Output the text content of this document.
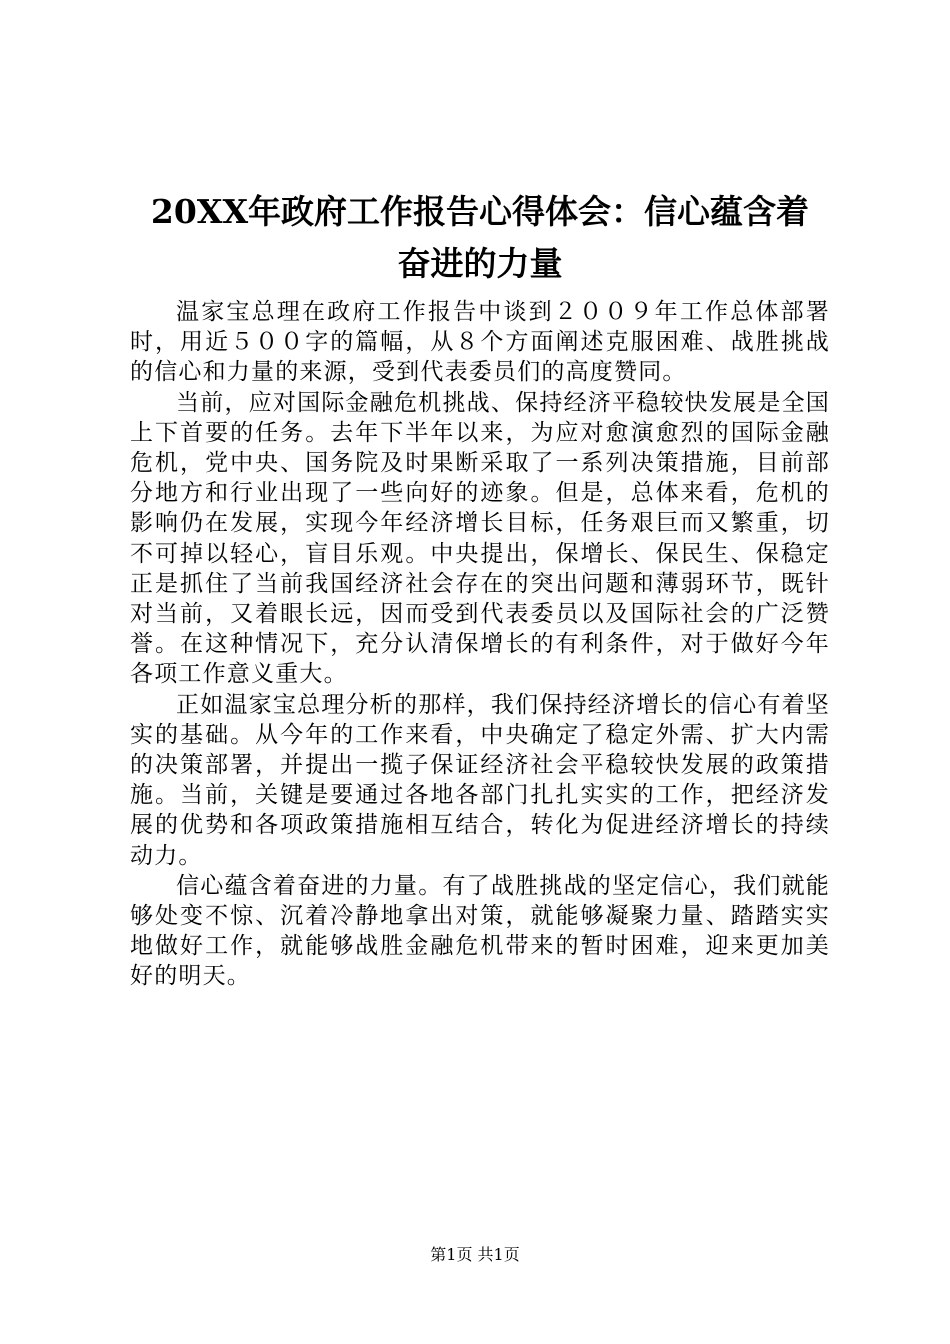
20XX年政府工作报告心得体会：信心蕴含着
奋进的力量

温家宝总理在政府工作报告中谈到２００９年工作总体部署时，用近５００字的篇幅，从８个方面阐述克服困难、战胜挑战的信心和力量的来源，受到代表委员们的高度赞同。

当前，应对国际金融危机挑战、保持经济平稳较快发展是全国上下首要的任务。去年下半年以来，为应对愈演愈烈的国际金融危机，党中央、国务院及时果断采取了一系列决策措施，目前部分地方和行业出现了一些向好的迹象。但是，总体来看，危机的影响仍在发展，实现今年经济增长目标，任务艰巨而又繁重，切不可掉以轻心，盲目乐观。中央提出，保增长、保民生、保稳定正是抓住了当前我国经济社会存在的突出问题和薄弱环节，既针对当前，又着眼长远，因而受到代表委员以及国际社会的广泛赞誉。在这种情况下，充分认清保增长的有利条件，对于做好今年各项工作意义重大。

正如温家宝总理分析的那样，我们保持经济增长的信心有着坚实的基础。从今年的工作来看，中央确定了稳定外需、扩大内需的决策部署，并提出一揽子保证经济社会平稳较快发展的政策措施。当前，关键是要通过各地各部门扎扎实实的工作，把经济发展的优势和各项政策措施相互结合，转化为促进经济增长的持续动力。

信心蕴含着奋进的力量。有了战胜挑战的坚定信心，我们就能够处变不惊、沉着冷静地拿出对策，就能够凝聚力量、踏踏实实地做好工作，就能够战胜金融危机带来的暂时困难，迎来更加美好的明天。

第1页 共1页
